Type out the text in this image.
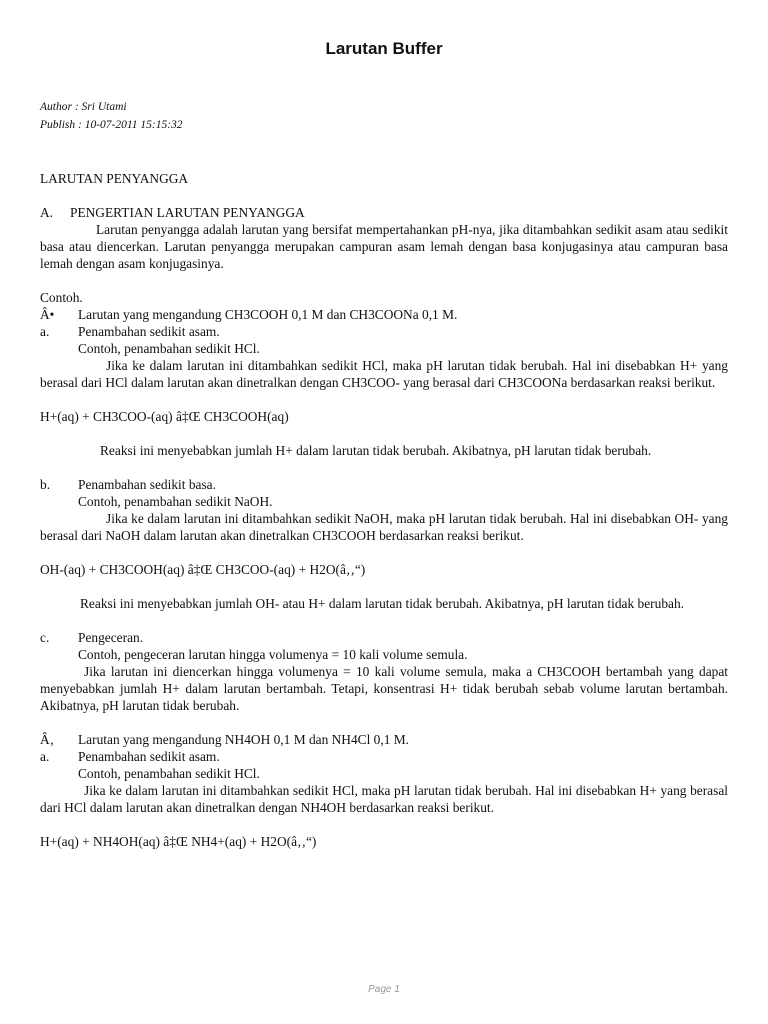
Larutan Buffer
Author : Sri Utami
Publish : 10-07-2011 15:15:32

LARUTAN PENYANGGA

A.	PENGERTIAN LARUTAN PENYANGGA

Larutan penyangga adalah larutan yang bersifat mempertahankan pH-nya, jika ditambahkan sedikit asam atau sedikit basa atau diencerkan. Larutan penyangga merupakan campuran asam lemah dengan basa konjugasinya atau campuran basa lemah dengan asam konjugasinya.

Contoh.

Â•	Larutan yang mengandung CH3COOH 0,1 M dan CH3COONa 0,1 M.
a.	Penambahan sedikit asam.

Contoh, penambahan sedikit HCl.

Jika ke dalam larutan ini ditambahkan sedikit HCl, maka pH larutan tidak berubah. Hal ini disebabkan H+ yang berasal dari HCl dalam larutan akan dinetralkan dengan CH3COO- yang berasal dari CH3COONa berdasarkan reaksi berikut.

H+(aq) + CH3COO-(aq) â‡Œ CH3COOH(aq)

Reaksi ini menyebabkan jumlah H+ dalam larutan tidak berubah. Akibatnya, pH larutan tidak berubah.

b.	Penambahan sedikit basa.

Contoh, penambahan sedikit NaOH.

Jika ke dalam larutan ini ditambahkan sedikit NaOH, maka pH larutan tidak berubah. Hal ini disebabkan OH- yang berasal dari NaOH dalam larutan akan dinetralkan CH3COOH berdasarkan reaksi berikut.

OH-(aq) + CH3COOH(aq) â‡Œ CH3COO-(aq) + H2O(â‚‚“)

Reaksi ini menyebabkan jumlah OH- atau H+ dalam larutan tidak berubah. Akibatnya, pH larutan tidak berubah.

c.	Pengeceran.

Contoh, pengeceran larutan hingga volumenya = 10 kali volume semula.

Jika larutan ini diencerkan hingga volumenya = 10 kali volume semula, maka a CH3COOH bertambah yang dapat menyebabkan jumlah H+ dalam larutan bertambah. Tetapi, konsentrasi H+ tidak berubah sebab volume larutan bertambah. Akibatnya, pH larutan tidak berubah.

Â‚	Larutan yang mengandung NH4OH 0,1 M dan NH4Cl 0,1 M.
a.	Penambahan sedikit asam.

Contoh, penambahan sedikit HCl.

Jika ke dalam larutan ini ditambahkan sedikit HCl, maka pH larutan tidak berubah. Hal ini disebabkan H+ yang berasal dari HCl dalam larutan akan dinetralkan dengan NH4OH berdasarkan reaksi berikut.

H+(aq) + NH4OH(aq) â‡Œ NH4+(aq) + H2O(â‚‚“)

Page 1
